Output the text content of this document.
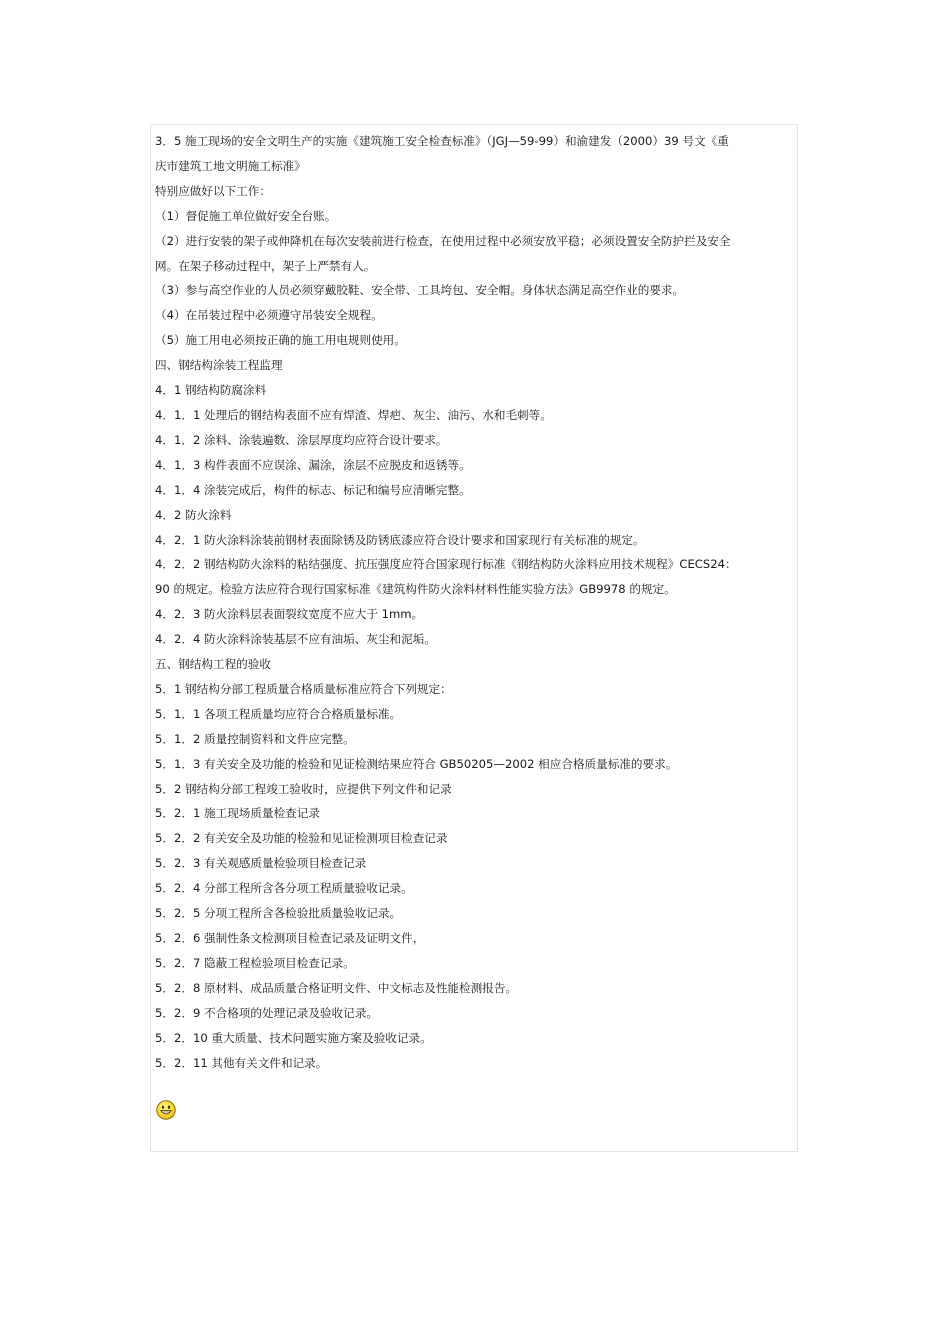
3．5 施工现场的安全文明生产的实施《建筑施工安全检查标准》（JGJ—59-99）和渝建发（2000）39 号文《重

庆市建筑工地文明施工标准》

特别应做好以下工作：

（1）督促施工单位做好安全台账。

（2）进行安装的架子或伸降机在每次安装前进行检查，在使用过程中必须安放平稳；必须设置安全防护拦及安全

网。在架子移动过程中，架子上严禁有人。

（3）参与高空作业的人员必须穿戴胶鞋、安全带、工具垮包、安全帽。身体状态满足高空作业的要求。

（4）在吊装过程中必须遵守吊装安全规程。

（5）施工用电必须按正确的施工用电规则使用。

四、钢结构涂装工程监理

4．1 钢结构防腐涂料

4．1．1 处理后的钢结构表面不应有焊渣、焊疤、灰尘、油污、水和毛刺等。

4．1．2 涂料、涂装遍数、涂层厚度均应符合设计要求。

4．1．3 构件表面不应误涂、漏涂，涂层不应脱皮和返锈等。

4．1．4 涂装完成后，构件的标志、标记和编号应清晰完整。

4．2 防火涂料

4．2．1 防火涂料涂装前钢材表面除锈及防锈底漆应符合设计要求和国家现行有关标准的规定。

4．2．2 钢结构防火涂料的粘结强度、抗压强度应符合国家现行标准《钢结构防火涂料应用技术规程》CECS24：

90 的规定。检验方法应符合现行国家标准《建筑构件防火涂料材料性能实验方法》GB9978 的规定。

4．2．3 防火涂料层表面裂纹宽度不应大于 1mm。

4．2．4 防火涂料涂装基层不应有油垢、灰尘和泥垢。

五、钢结构工程的验收

5．1 钢结构分部工程质量合格质量标准应符合下列规定：

5．1．1 各项工程质量均应符合合格质量标准。

5．1．2 质量控制资料和文件应完整。

5．1．3 有关安全及功能的检验和见证检测结果应符合 GB50205—2002 相应合格质量标准的要求。

5．2 钢结构分部工程竣工验收时，应提供下列文件和记录

5．2．1 施工现场质量检查记录

5．2．2 有关安全及功能的检验和见证检测项目检查记录

5．2．3 有关观感质量检验项目检查记录

5．2．4 分部工程所含各分项工程质量验收记录。

5．2．5 分项工程所含各检验批质量验收记录。

5．2．6 强制性条文检测项目检查记录及证明文件，

5．2．7 隐蔽工程检验项目检查记录。

5．2．8 原材料、成品质量合格证明文件、中文标志及性能检测报告。

5．2．9 不合格项的处理记录及验收记录。

5．2．10 重大质量、技术问题实施方案及验收记录。

5．2．11 其他有关文件和记录。
